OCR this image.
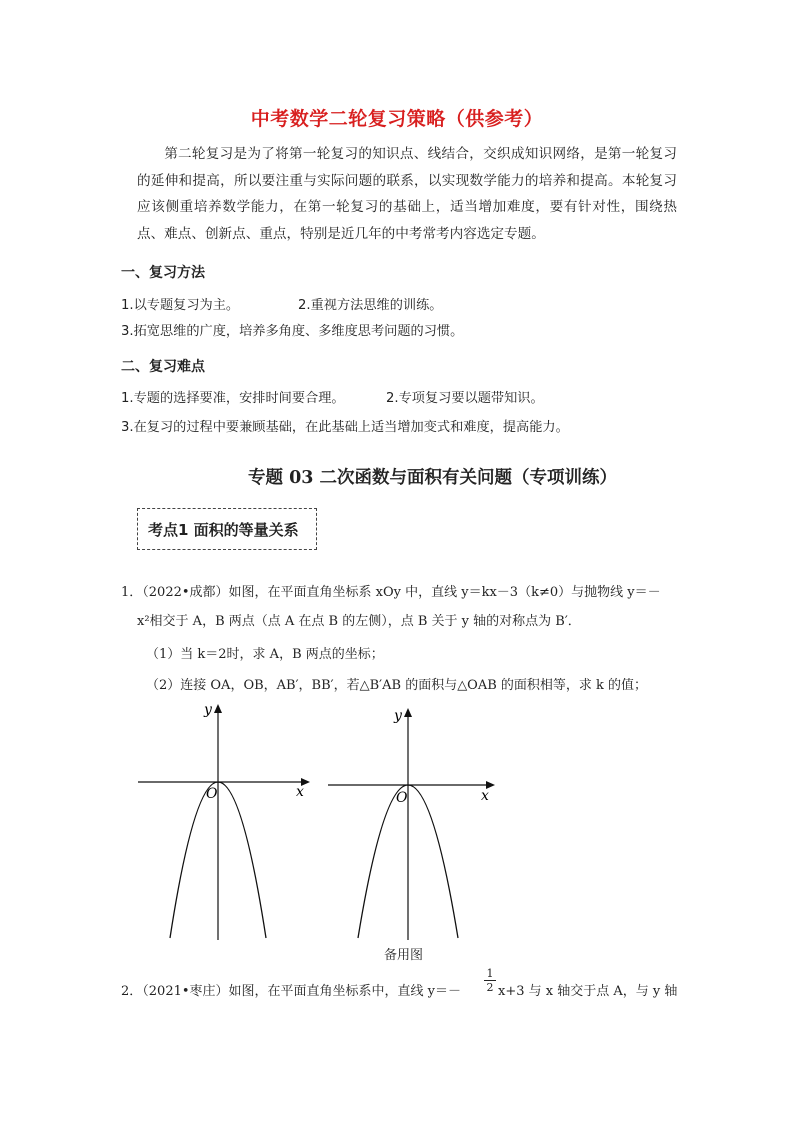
中考数学二轮复习策略（供参考）
第二轮复习是为了将第一轮复习的知识点、线结合，交织成知识网络，是第一轮复习的延伸和提高，所以要注重与实际问题的联系，以实现数学能力的培养和提高。本轮复习应该侧重培养数学能力，在第一轮复习的基础上，适当增加难度，要有针对性，围绕热点、难点、创新点、重点，特别是近几年的中考常考内容选定专题。
一、复习方法
1.以专题复习为主。	2.重视方法思维的训练。
3.拓宽思维的广度，培养多角度、多维度思考问题的习惯。
二、复习难点
1.专题的选择要准，安排时间要合理。	2.专项复习要以题带知识。
3.在复习的过程中要兼顾基础，在此基础上适当增加变式和难度，提高能力。
专题 03 二次函数与面积有关问题（专项训练）
考点1 面积的等量关系
1．（2022•成都）如图，在平面直角坐标系 xOy 中，直线 y＝kx－3（k≠0）与抛物线 y＝－
x²相交于 A，B 两点（点 A 在点 B 的左侧），点 B 关于 y 轴的对称点为 B′．
（1）当 k＝2时，求 A，B 两点的坐标；
（2）连接 OA，OB，AB′，BB′，若△B′AB 的面积与△OAB 的面积相等，求 k 的值；
y
x
O
y
x
O
备用图
2．（2021•枣庄）如图，在平面直角坐标系中，直线 y＝－
1
2 x+3 与 x 轴交于点 A，与 y 轴
